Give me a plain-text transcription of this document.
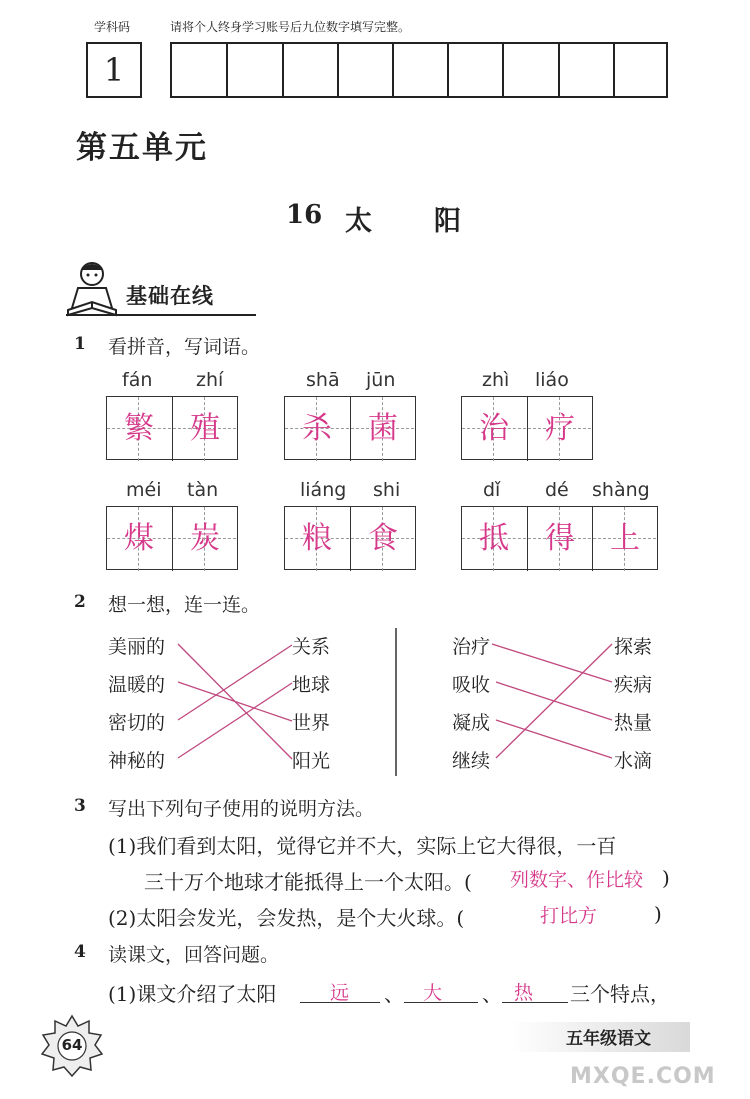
学科码	请将个人终身学习账号后九位数字填写完整。
1
第五单元
16 太 阳
基础在线
1 看拼音，写词语。
fán zhí
繁	殖
shā jūn
杀	菌
zhì liáo
治	疗
méi tàn
煤	炭
liáng shi
粮	食
dǐ dé shàng
抵	得	上
2 想一想，连一连。
美丽的
温暖的
密切的
神秘的
关系
地球
世界
阳光
治疗
吸收
凝成
继续
探索
疾病
热量
水滴
3 写出下列句子使用的说明方法。
(1)我们看到太阳，觉得它并不大，实际上它大得很，一百
三十万个地球才能抵得上一个太阳。( 列数字、作比较 )
(2)太阳会发光，会发热，是个大火球。(	打比方	)
4 读课文，回答问题。
(1)课文介绍了太阳	远 、 大 、 热 三个特点，
64	五年级语文
MXQE.COM
